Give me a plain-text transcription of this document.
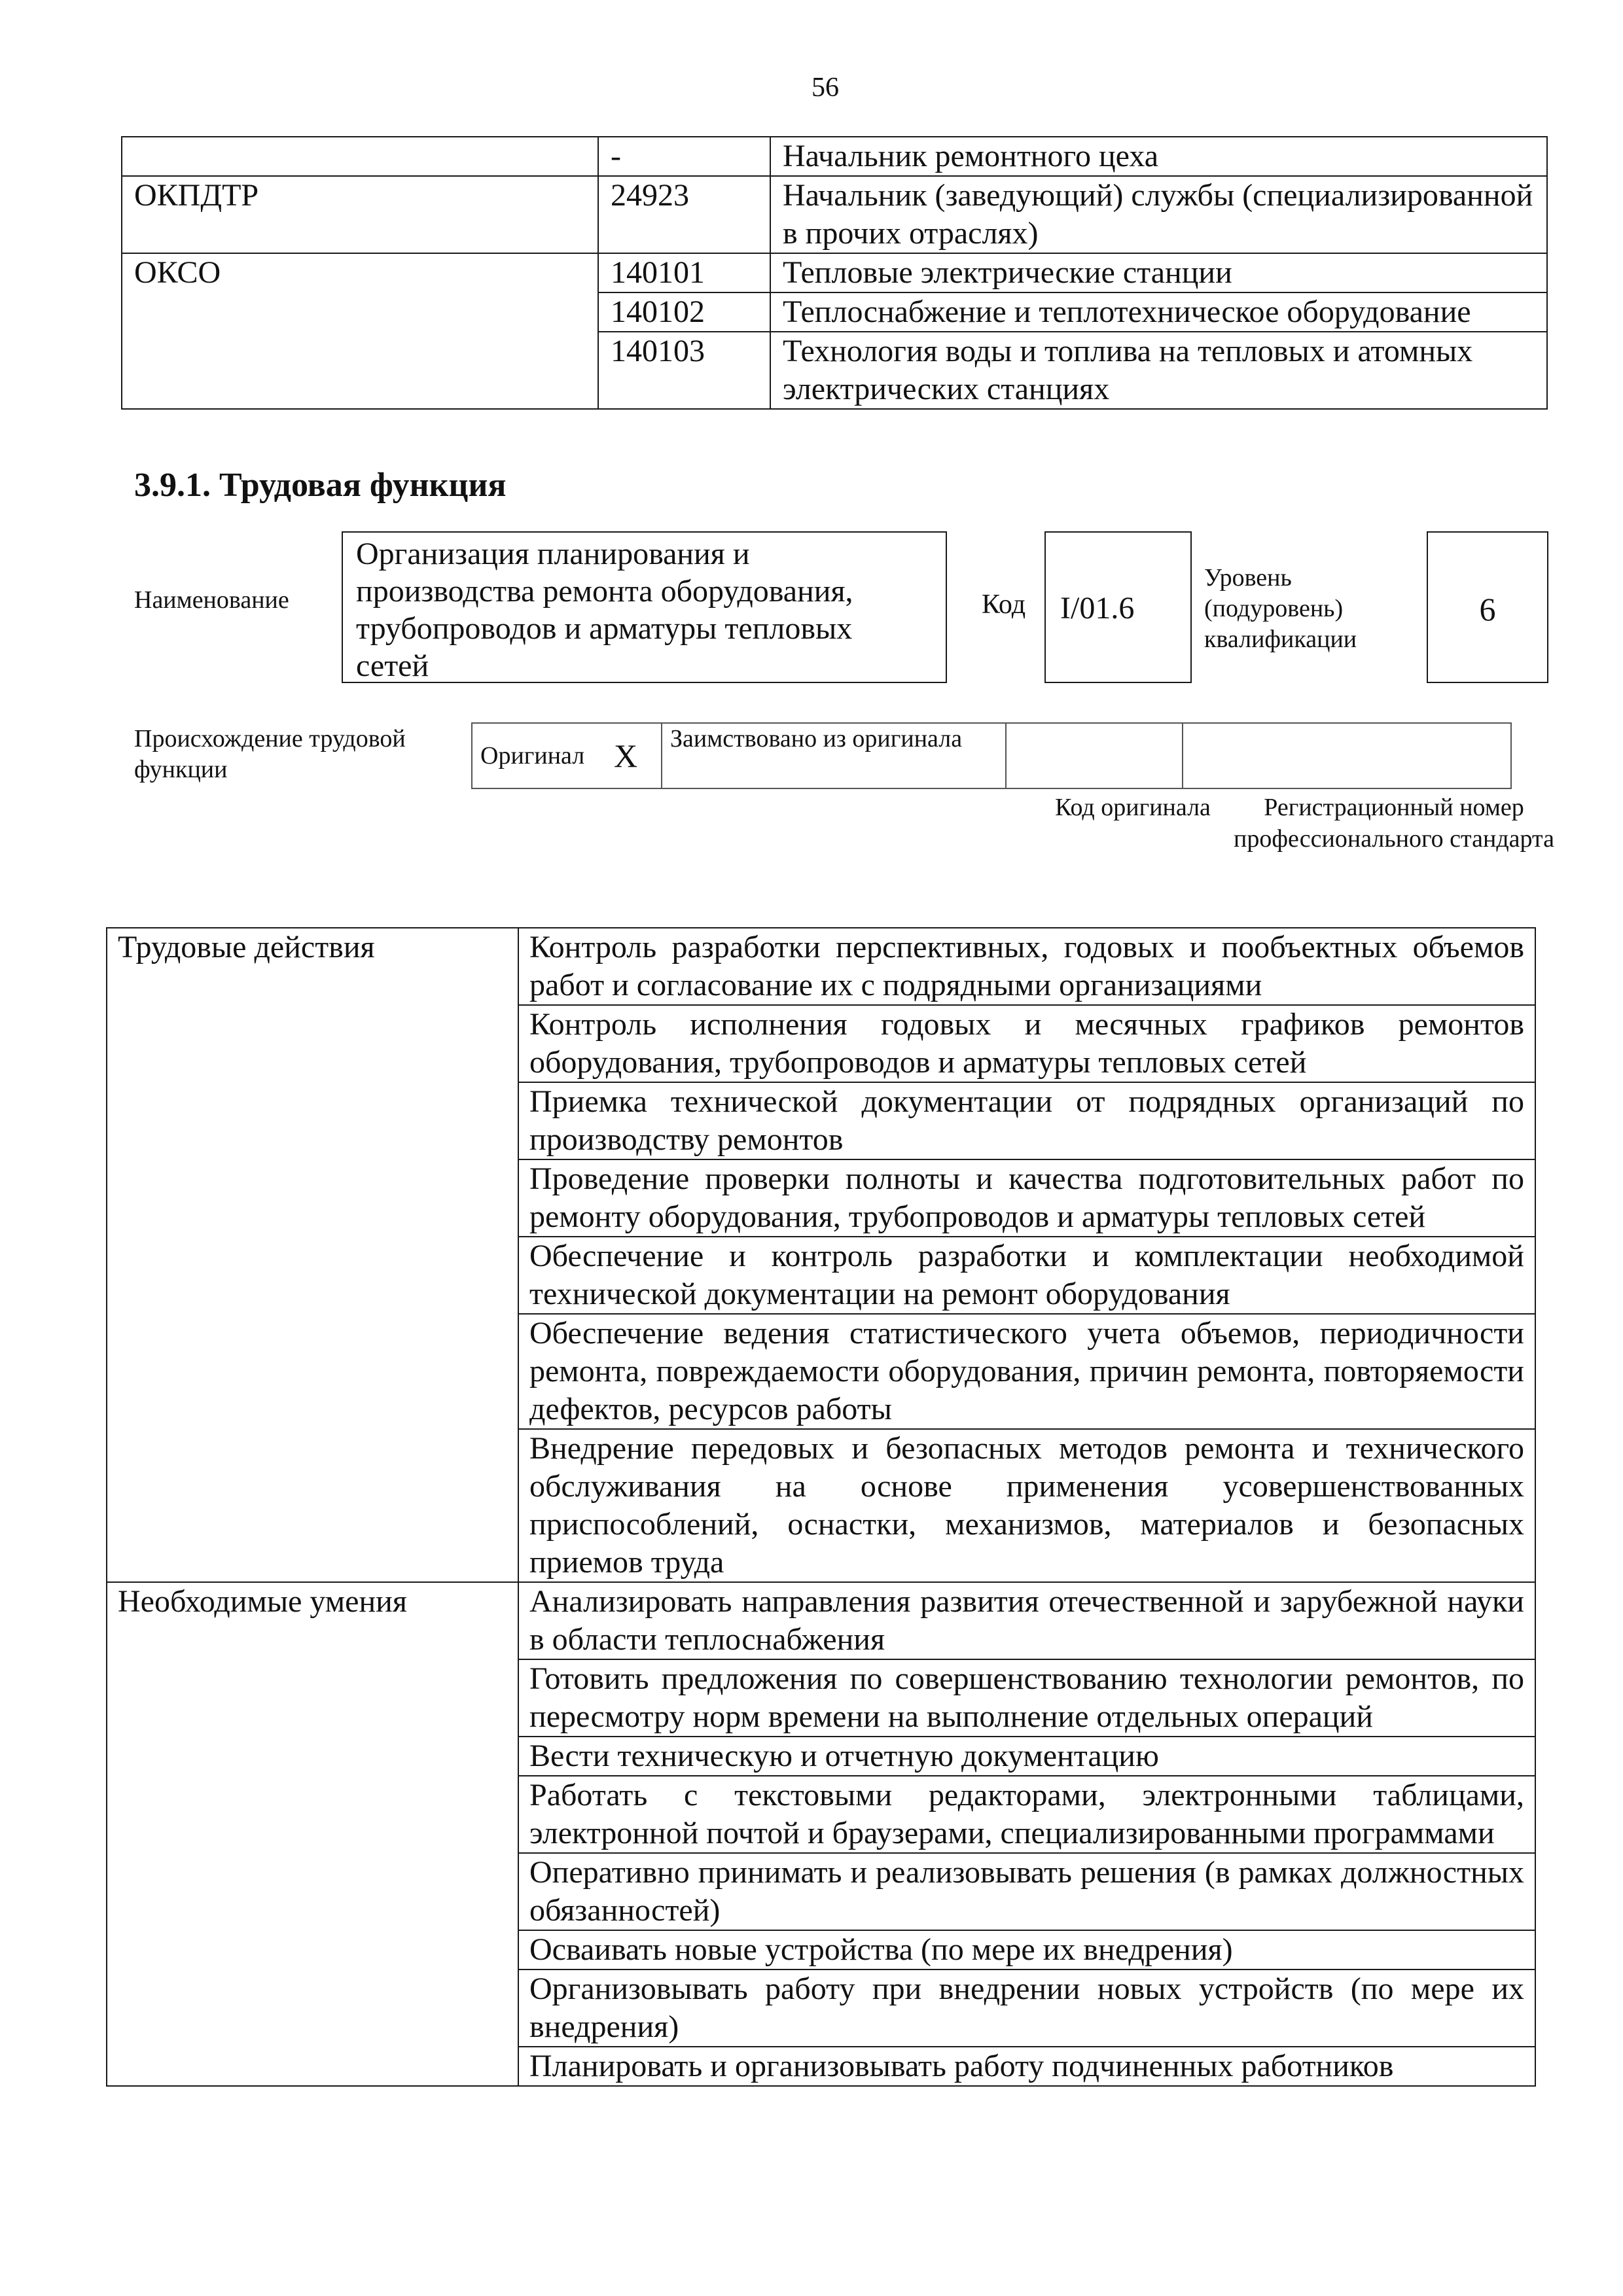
56
	-	Начальник ремонтного цеха
ОКПДТР	24923	Начальник (заведующий) службы (специализированной в прочих отраслях)
ОКСО	140101	Тепловые электрические станции
	140102	Теплоснабжение и теплотехническое оборудование
	140103	Технология воды и топлива на тепловых и атомных электрических станциях
3.9.1. Трудовая функция
Наименование
Организация планирования и производства ремонта оборудования, трубопроводов и арматуры тепловых сетей
Код	I/01.6
Уровень (подуровень) квалификации
6
Происхождение трудовой функции	Оригинал	X	Заимствовано из оригинала		
Код оригинала	Регистрационный номер профессионального стандарта
Трудовые действия	Контроль разработки перспективных, годовых и пообъектных объемов работ и согласование их с подрядными организациями
	Контроль исполнения годовых и месячных графиков ремонтов оборудования, трубопроводов и арматуры тепловых сетей
	Приемка технической документации от подрядных организаций по производству ремонтов
	Проведение проверки полноты и качества подготовительных работ по ремонту оборудования, трубопроводов и арматуры тепловых сетей
	Обеспечение и контроль разработки и комплектации необходимой технической документации на ремонт оборудования
	Обеспечение ведения статистического учета объемов, периодичности ремонта, повреждаемости оборудования, причин ремонта, повторяемости дефектов, ресурсов работы
	Внедрение передовых и безопасных методов ремонта и технического обслуживания на основе применения усовершенствованных приспособлений, оснастки, механизмов, материалов и безопасных приемов труда
Необходимые умения	Анализировать направления развития отечественной и зарубежной науки в области теплоснабжения
	Готовить предложения по совершенствованию технологии ремонтов, по пересмотру норм времени на выполнение отдельных операций
	Вести техническую и отчетную документацию
	Работать с текстовыми редакторами, электронными таблицами, электронной почтой и браузерами, специализированными программами
	Оперативно принимать и реализовывать решения (в рамках должностных обязанностей)
	Осваивать новые устройства (по мере их внедрения)
	Организовывать работу при внедрении новых устройств (по мере их внедрения)
	Планировать и организовывать работу подчиненных работников
